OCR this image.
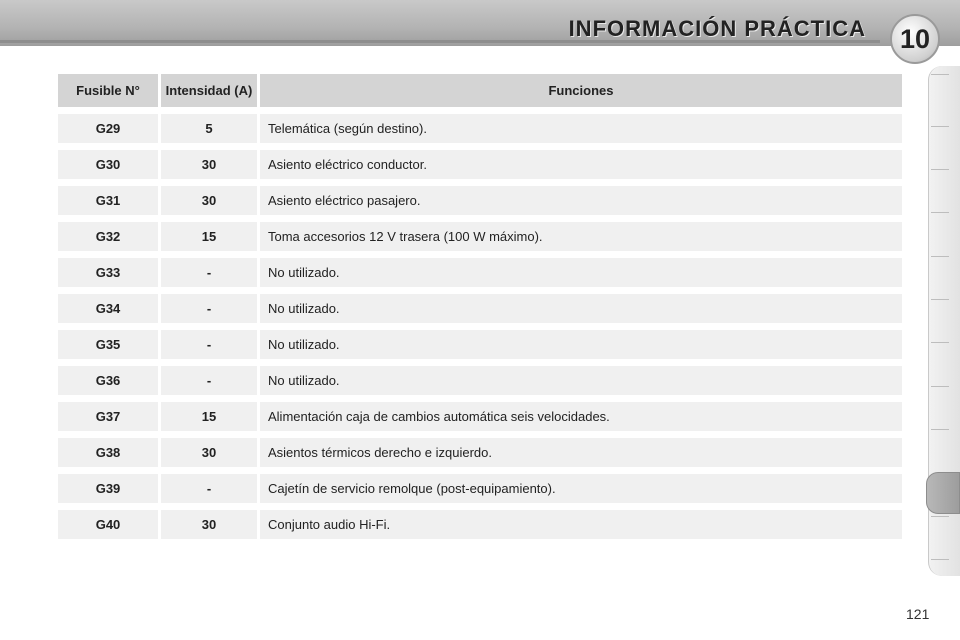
INFORMACIÓN PRÁCTICA	10
Fusible N°	Intensidad (A)	Funciones
G29	5	Telemática (según destino).
G30	30	Asiento eléctrico conductor.
G31	30	Asiento eléctrico pasajero.
G32	15	Toma accesorios 12 V trasera (100 W máximo).
G33	-	No utilizado.
G34	-	No utilizado.
G35	-	No utilizado.
G36	-	No utilizado.
G37	15	Alimentación caja de cambios automática seis velocidades.
G38	30	Asientos térmicos derecho e izquierdo.
G39	-	Cajetín de servicio remolque (post-equipamiento).
G40	30	Conjunto audio Hi-Fi.
121
